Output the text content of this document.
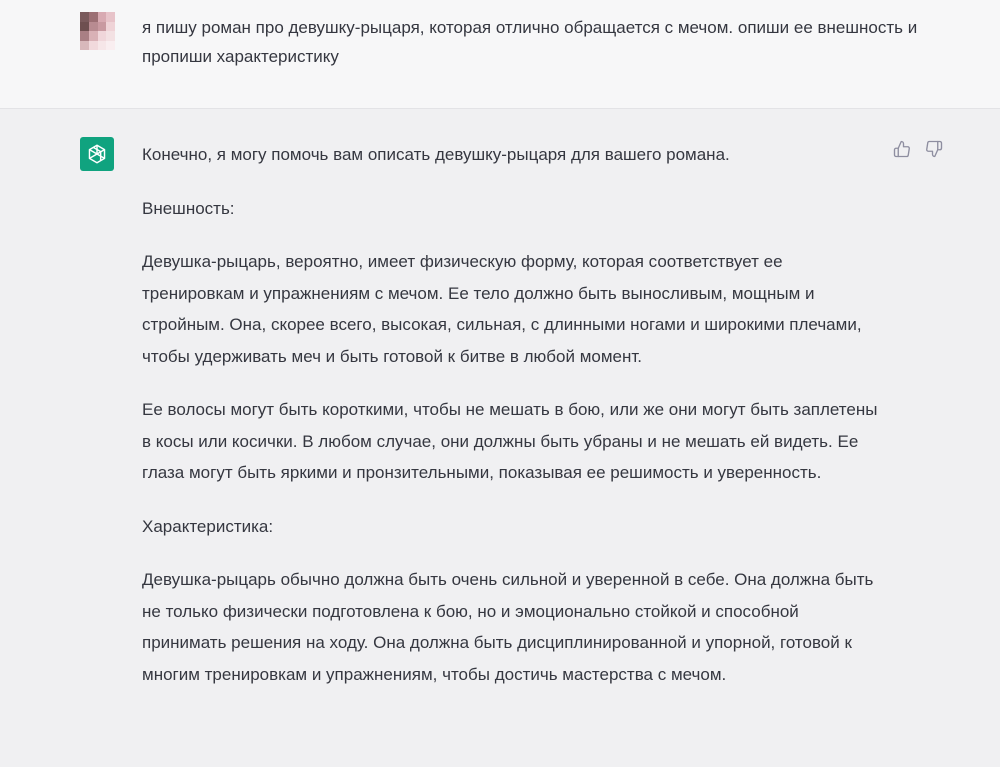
я пишу роман про девушку-рыцаря, которая отлично обращается с мечом. опиши ее внешность и пропиши характеристику

Конечно, я могу помочь вам описать девушку-рыцаря для вашего романа.

Внешность:

Девушка-рыцарь, вероятно, имеет физическую форму, которая соответствует ее тренировкам и упражнениям с мечом. Ее тело должно быть выносливым, мощным и стройным. Она, скорее всего, высокая, сильная, с длинными ногами и широкими плечами, чтобы удерживать меч и быть готовой к битве в любой момент.

Ее волосы могут быть короткими, чтобы не мешать в бою, или же они могут быть заплетены в косы или косички. В любом случае, они должны быть убраны и не мешать ей видеть. Ее глаза могут быть яркими и пронзительными, показывая ее решимость и уверенность.

Характеристика:

Девушка-рыцарь обычно должна быть очень сильной и уверенной в себе. Она должна быть не только физически подготовлена к бою, но и эмоционально стойкой и способной принимать решения на ходу. Она должна быть дисциплинированной и упорной, готовой к многим тренировкам и упражнениям, чтобы достичь мастерства с мечом.
